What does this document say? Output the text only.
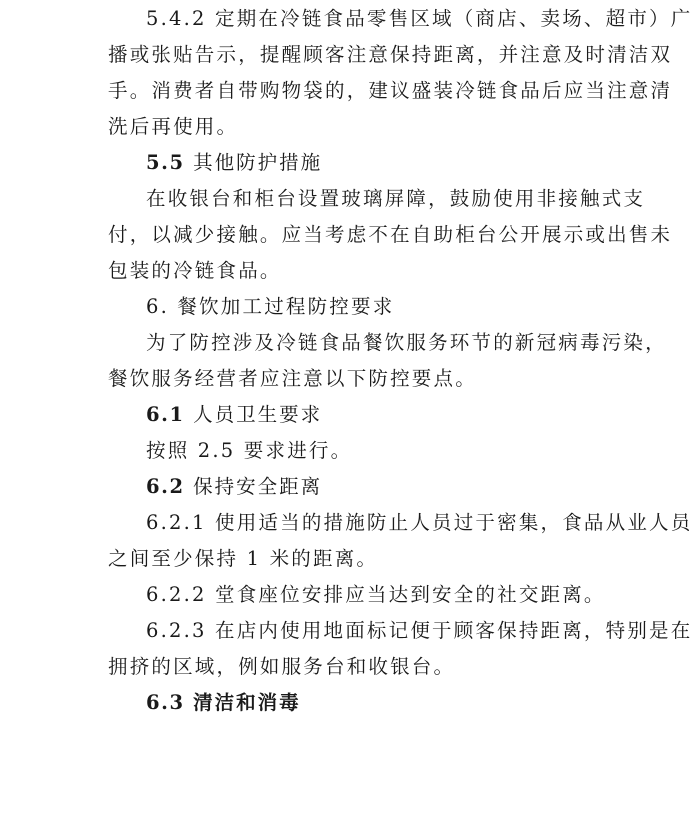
5.4.2 定期在冷链食品零售区域（商店、卖场、超市）广
播或张贴告示，提醒顾客注意保持距离，并注意及时清洁双
手。消费者自带购物袋的，建议盛装冷链食品后应当注意清
洗后再使用。
5.5 其他防护措施
在收银台和柜台设置玻璃屏障，鼓励使用非接触式支
付，以减少接触。应当考虑不在自助柜台公开展示或出售未
包装的冷链食品。
6. 餐饮加工过程防控要求
为了防控涉及冷链食品餐饮服务环节的新冠病毒污染，
餐饮服务经营者应注意以下防控要点。
6.1 人员卫生要求
按照 2.5 要求进行。
6.2 保持安全距离
6.2.1 使用适当的措施防止人员过于密集，食品从业人员
之间至少保持 1 米的距离。
6.2.2 堂食座位安排应当达到安全的社交距离。
6.2.3 在店内使用地面标记便于顾客保持距离，特别是在
拥挤的区域，例如服务台和收银台。
6.3 清洁和消毒
